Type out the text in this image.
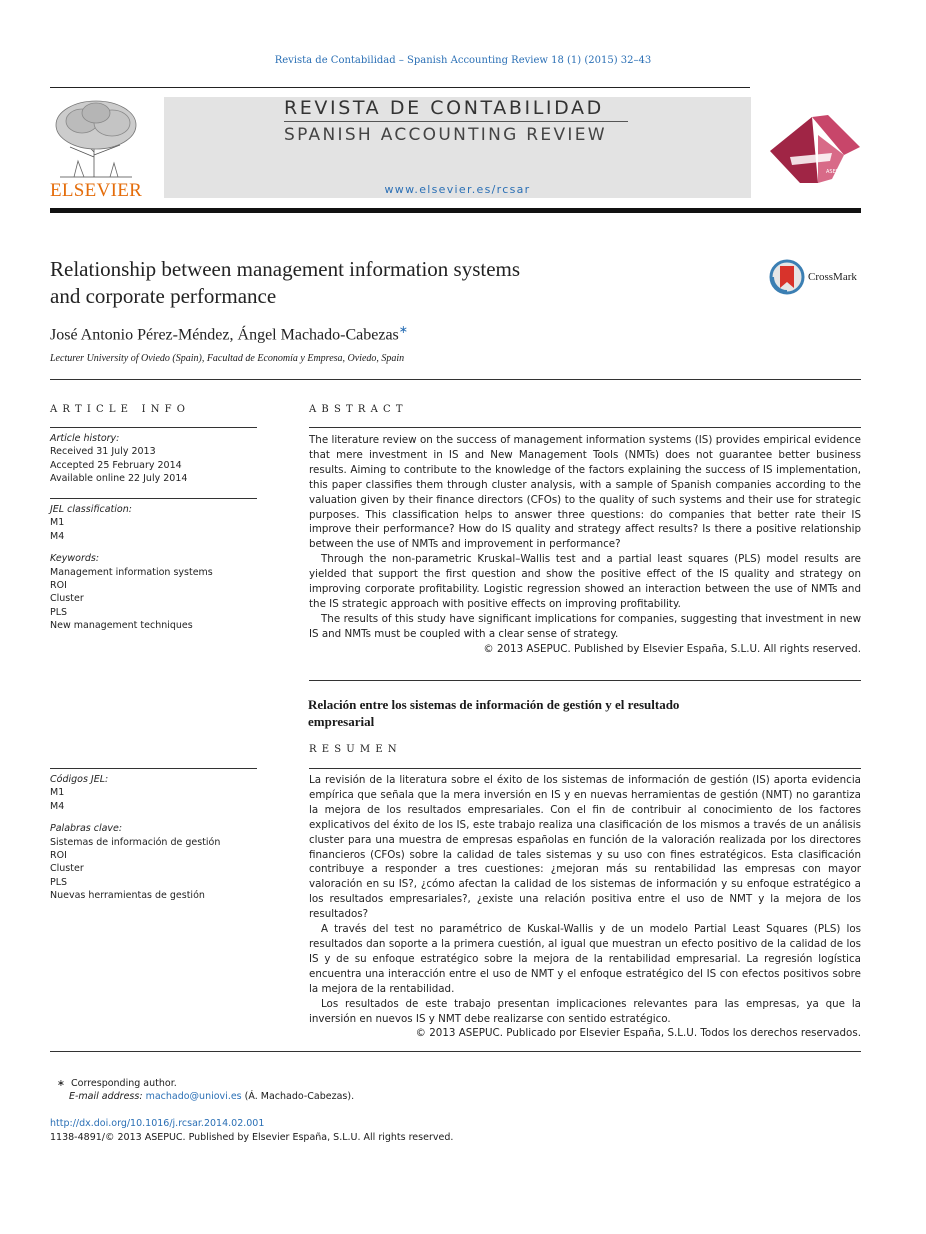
Revista de Contabilidad – Spanish Accounting Review 18 (1) (2015) 32–43
ELSEVIER
REVISTA DE CONTABILIDAD
SPANISH ACCOUNTING REVIEW
www.elsevier.es/rcsar
ASEPUC
Relationship between management information systems
and corporate performance
CrossMark
José Antonio Pérez-Méndez, Ángel Machado-Cabezas∗
Lecturer University of Oviedo (Spain), Facultad de Economía y Empresa, Oviedo, Spain
ARTICLE INFO
Article history:
Received 31 July 2013
Accepted 25 February 2014
Available online 22 July 2014
JEL classification:
M1
M4
Keywords:
Management information systems
ROI
Cluster
PLS
New management techniques
ABSTRACT

The literature review on the success of management information systems (IS) provides empirical evidence that mere investment in IS and New Management Tools (NMTs) does not guarantee better business results. Aiming to contribute to the knowledge of the factors explaining the success of IS implementation, this paper classifies them through cluster analysis, with a sample of Spanish companies according to the valuation given by their finance directors (CFOs) to the quality of such systems and their use for strategic purposes. This classification helps to answer three questions: do companies that better rate their IS improve their performance? How do IS quality and strategy affect results? Is there a positive relationship between the use of NMTs and improvement in performance?

Through the non-parametric Kruskal–Wallis test and a partial least squares (PLS) model results are yielded that support the first question and show the positive effect of the IS quality and strategy on improving corporate profitability. Logistic regression showed an interaction between the use of NMTs and the IS strategic approach with positive effects on improving profitability.

The results of this study have significant implications for companies, suggesting that investment in new IS and NMTs must be coupled with a clear sense of strategy.

© 2013 ASEPUC. Published by Elsevier España, S.L.U. All rights reserved.

Relación entre los sistemas de información de gestión y el resultado
empresarial
RESUMEN
Códigos JEL:
M1
M4
Palabras clave:
Sistemas de información de gestión
ROI
Cluster
PLS
Nuevas herramientas de gestión

La revisión de la literatura sobre el éxito de los sistemas de información de gestión (IS) aporta evidencia empírica que señala que la mera inversión en IS y en nuevas herramientas de gestión (NMT) no garantiza la mejora de los resultados empresariales. Con el fin de contribuir al conocimiento de los factores explicativos del éxito de los IS, este trabajo realiza una clasificación de los mismos a través de un análisis cluster para una muestra de empresas españolas en función de la valoración realizada por los directores financieros (CFOs) sobre la calidad de tales sistemas y su uso con fines estratégicos. Esta clasificación contribuye a responder a tres cuestiones: ¿mejoran más su rentabilidad las empresas con mayor valoración en su IS?, ¿cómo afectan la calidad de los sistemas de información y su enfoque estratégico a los resultados empresariales?, ¿existe una relación positiva entre el uso de NMT y la mejora de los resultados?

A través del test no paramétrico de Kuskal-Wallis y de un modelo Partial Least Squares (PLS) los resultados dan soporte a la primera cuestión, al igual que muestran un efecto positivo de la calidad de los IS y de su enfoque estratégico sobre la mejora de la rentabilidad empresarial. La regresión logística encuentra una interacción entre el uso de NMT y el enfoque estratégico del IS con efectos positivos sobre la mejora de la rentabilidad.

Los resultados de este trabajo presentan implicaciones relevantes para las empresas, ya que la inversión en nuevos IS y NMT debe realizarse con sentido estratégico.

© 2013 ASEPUC. Publicado por Elsevier España, S.L.U. Todos los derechos reservados.

∗ Corresponding author.
E-mail address: machado@uniovi.es (Á. Machado-Cabezas).
http://dx.doi.org/10.1016/j.rcsar.2014.02.001
1138-4891/© 2013 ASEPUC. Published by Elsevier España, S.L.U. All rights reserved.
